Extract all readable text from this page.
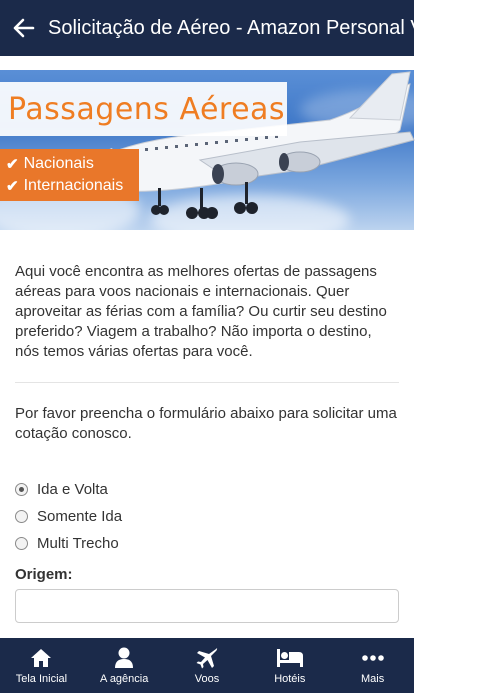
Solicitação de Aéreo - Amazon Personal Viagens
Passagens Aéreas
✔ Nacionais
✔ Internacionais

Aqui você encontra as melhores ofertas de passagens aéreas para voos nacionais e internacionais. Quer aproveitar as férias com a família? Ou curtir seu destino preferido? Viagem a trabalho? Não importa o destino, nós temos várias ofertas para você.

Por favor preencha o formulário abaixo para solicitar uma cotação conosco.

Ida e Volta
Somente Ida
Multi Trecho
Origem:
Tela Inicial	A agência	Voos	Hotéis	Mais
